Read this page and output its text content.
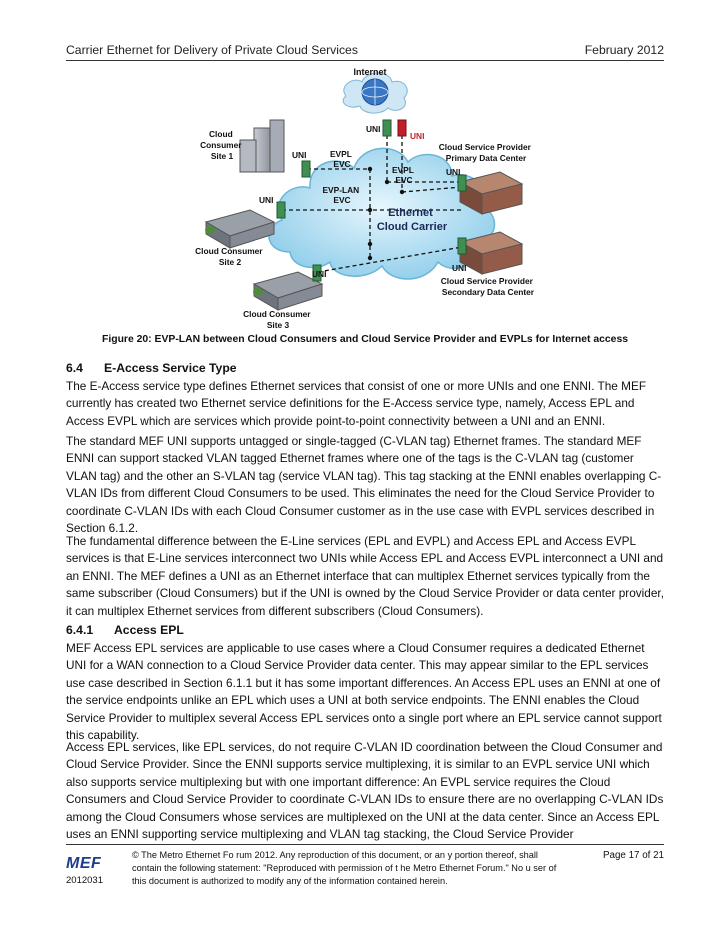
Carrier Ethernet for Delivery of Private Cloud Services	February 2012
Internet
UNI
UNI
UNI
UNI
UNI
UNI
UNI
Cloud Consumer Site 1
Cloud Consumer Site 2
Cloud Consumer Site 3
Cloud Service Provider Primary Data Center
Cloud Service Provider Secondary Data Center
EVPL EVC
EVPL EVC
EVP-LAN EVC
Ethernet Cloud Carrier
Figure 20: EVP-LAN between Cloud Consumers and Cloud Service Provider and EVPLs for Internet access
6.4 E-Access Service Type

The E-Access service type defines Ethernet services that consist of one or more UNIs and one ENNI. The MEF currently has created two Ethernet service definitions for the E-Access service type, namely, Access EPL and Access EVPL which are services which provide point-to-point connectivity between a UNI and an ENNI.

The standard MEF UNI supports untagged or single-tagged (C-VLAN tag) Ethernet frames. The standard MEF ENNI can support stacked VLAN tagged Ethernet frames where one of the tags is the C-VLAN tag (customer VLAN tag) and the other an S-VLAN tag (service VLAN tag). This tag stacking at the ENNI enables overlapping C-VLAN IDs from different Cloud Consumers to be used. This eliminates the need for the Cloud Service Provider to coordinate C-VLAN IDs with each Cloud Consumer customer as in the use case with EVPL services described in Section 6.1.2.

The fundamental difference between the E-Line services (EPL and EVPL) and Access EPL and Access EVPL services is that E-Line services interconnect two UNIs while Access EPL and Access EVPL interconnect a UNI and an ENNI. The MEF defines a UNI as an Ethernet interface that can multiplex Ethernet services typically from the same subscriber (Cloud Consumers) but if the UNI is owned by the Cloud Service Provider or data center provider, it can multiplex Ethernet services from different subscribers (Cloud Consumers).

6.4.1 Access EPL

MEF Access EPL services are applicable to use cases where a Cloud Consumer requires a dedicated Ethernet UNI for a WAN connection to a Cloud Service Provider data center. This may appear similar to the EPL services use case described in Section 6.1.1 but it has some important differences. An Access EPL uses an ENNI at one of the service endpoints unlike an EPL which uses a UNI at both service endpoints. The ENNI enables the Cloud Service Provider to multiplex several Access EPL services onto a single port where an EPL service cannot support this capability.

Access EPL services, like EPL services, do not require C-VLAN ID coordination between the Cloud Consumer and Cloud Service Provider. Since the ENNI supports service multiplexing, it is similar to an EVPL service UNI which also supports service multiplexing but with one important difference: An EVPL service requires the Cloud Consumers and Cloud Service Provider to coordinate C-VLAN IDs to ensure there are no overlapping C-VLAN IDs among the Cloud Consumers whose services are multiplexed on the UNI at the data center. Since an Access EPL uses an ENNI supporting service multiplexing and VLAN tag stacking, the Cloud Service Provider

MEF
2012031
© The Metro Ethernet Fo rum 2012. Any reproduction of this document, or an y portion thereof, shall contain the following statement: "Reproduced with permission of t he Metro Ethernet Forum." No u ser of this document is authorized to modify any of the information contained herein.
Page 17 of 21
